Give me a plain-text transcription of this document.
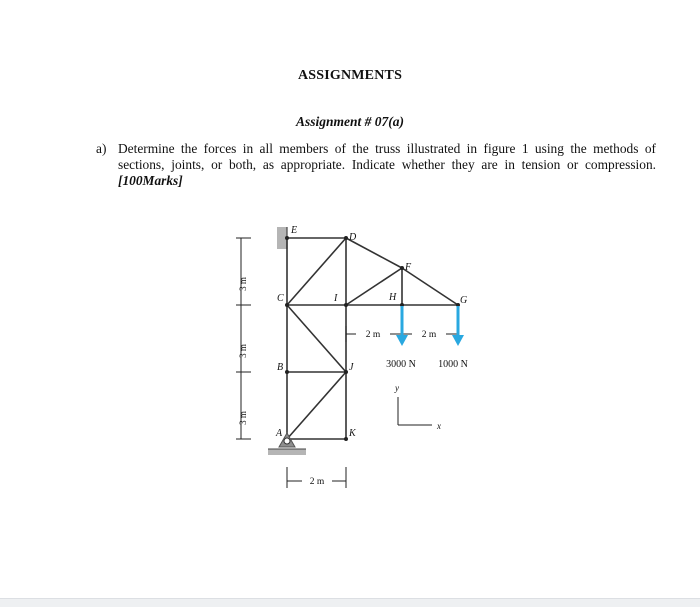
ASSIGNMENTS
Assignment # 07(a)
a) Determine the forces in all members of the truss illustrated in figure 1 using the methods of sections, joints, or both, as appropriate. Indicate whether they are in tension or compression. [100Marks]
E
D
F
H	G
C	I
B	J
A	K
3 m
3 m
3 m
2 m	2 m
3000 N 1000 N
y
x
2 m
